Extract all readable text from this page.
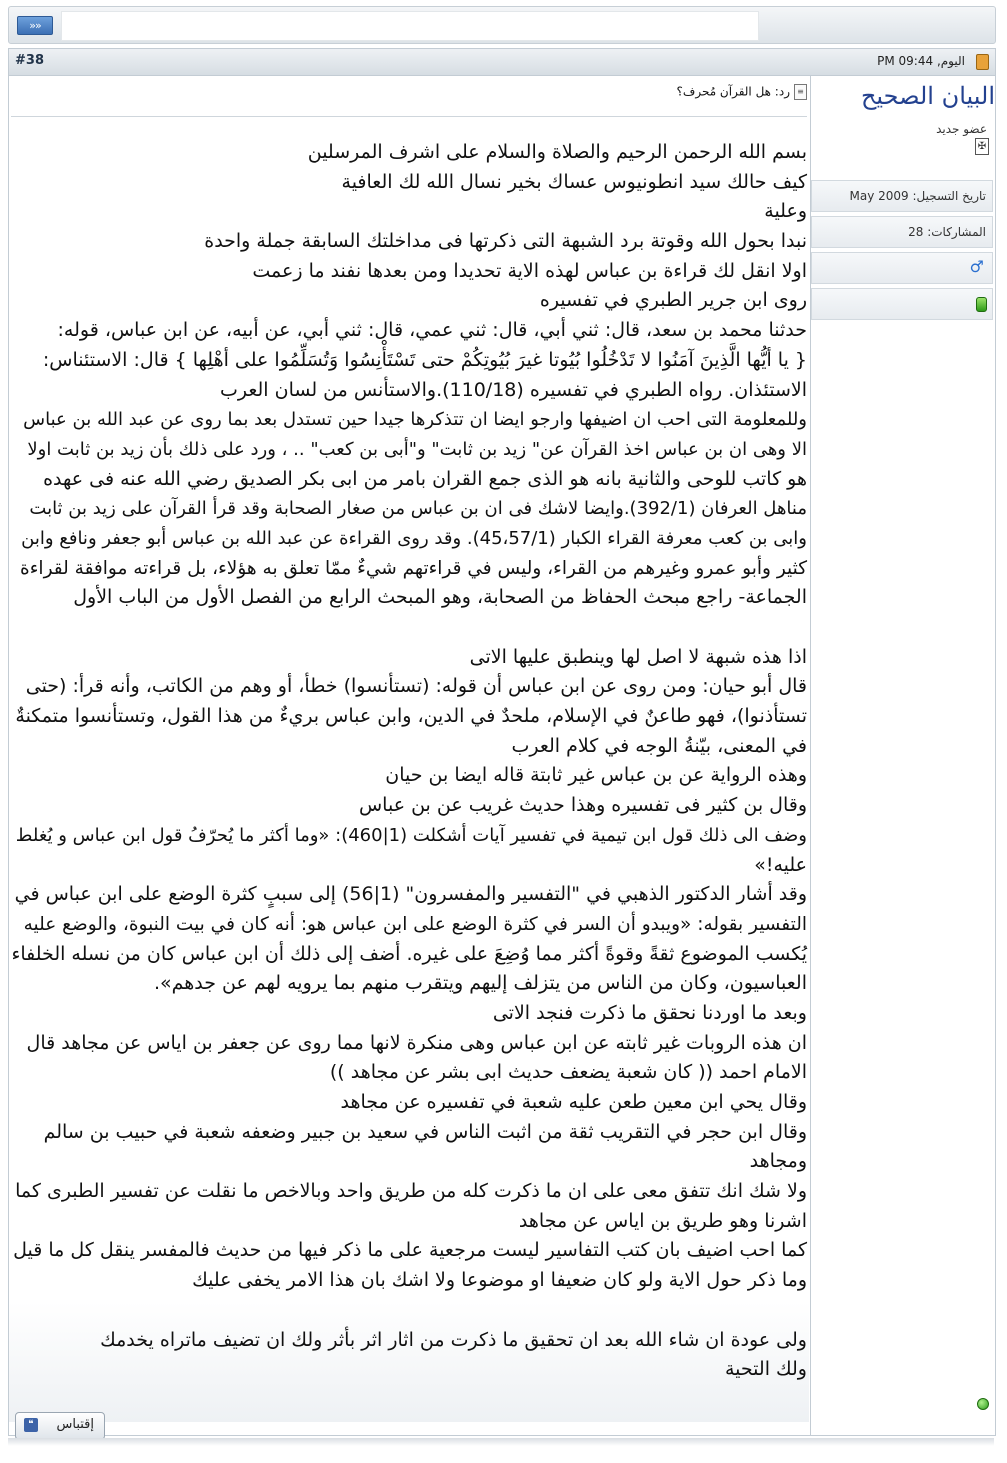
»»
#38	اليوم, 09:44 PM
البيان الصحيح
عضو جديد
✠
تاريخ التسجيل: May 2009
المشاركات: 28
♂
≡رد: هل القرآن مُحرف؟
بسم الله الرحمن الرحيم والصلاة والسلام على اشرف المرسلين
كيف حالك سيد انطونيوس عساك بخير نسال الله لك العافية
وعلية
نبدا بحول الله وقوتة برد الشبهة التى ذكرتها فى مداخلتك السابقة جملة واحدة
اولا انقل لك قراءة بن عباس لهذه الاية تحديدا ومن بعدها نفند ما زعمت
روى ابن جرير الطبري في تفسيره
حدثنا محمد بن سعد، قال: ثني أبي، قال: ثني عمي، قال: ثني أبي، عن أبيه، عن ابن عباس، قوله:
{ يا أيُّها الَّذِينَ آمَنُوا لا تَدْخُلُوا بُيُوتا غيرَ بُيُوتِكُمْ حتى تَسْتَأْنِسُوا وَتُسَلِّمُوا على أهْلِها } قال: الاستئناس:
الاستئذان. رواه الطبري في تفسيره (110/18).والاستأنس من لسان العرب
وللمعلومة التى احب ان اضيفها وارجو ايضا ان تتذكرها جيدا حين تستدل بعد بما روى عن عبد الله بن عباس
الا وهى ان بن عباس اخذ القرآن عن" زيد بن ثابت" و"أبى بن كعب" .. ، ورد على ذلك بأن زيد بن ثابت اولا
هو كاتب للوحى والثانية بانه هو الذى جمع القران بامر من ابى بكر الصديق رضي الله عنه فى عهده
مناهل العرفان (392/1).وايضا لاشك فى ان بن عباس من صغار الصحابة وقد قرأ القرآن على زيد بن ثابت
وابى بن كعب معرفة القراء الكبار (45،57/1). وقد روى القراءة عن عبد الله بن عباس أبو جعفر ونافع وابن
كثير وأبو عمرو وغيرهم من القراء، وليس في قراءتهم شيءٌ ممّا تعلق به هؤلاء، بل قراءته موافقة لقراءة
الجماعة- راجع مبحث الحفاظ من الصحابة، وهو المبحث الرابع من الفصل الأول من الباب الأول
اذا هذه شبهة لا اصل لها وينطبق عليها الاتى
قال أبو حيان: ومن روى عن ابن عباس أن قوله: (تستأنسوا) خطأ، أو وهم من الكاتب، وأنه قرأ: (حتى
تستأذنوا)، فهو طاعنٌ في الإسلام، ملحدٌ في الدين، وابن عباس بريءٌ من هذا القول، وتستأنسوا متمكنةٌ
في المعنى، بيّنةُ الوجه في كلام العرب
وهذه الرواية عن بن عباس غير ثابتة قاله ايضا بن حيان
وقال بن كثير فى تفسيره وهذا حديث غريب عن بن عباس
وضف الى ذلك قول ابن تيمية في تفسير آيات أشكلت (1|460): «وما أكثر ما يُحرّفُ قول ابن عباس و يُغلط
عليه!»
وقد أشار الدكتور الذهبي في "التفسير والمفسرون" (1|56) إلى سببٍ كثرة الوضع على ابن عباس في
التفسير بقوله: «ويبدو أن السر في كثرة الوضع على ابن عباس هو: أنه كان في بيت النبوة، والوضع عليه
يُكسب الموضوع ثقةً وقوةً أكثر مما وُضِعَ على غيره. أضف إلى ذلك أن ابن عباس كان من نسله الخلفاء
العباسيون، وكان من الناس من يتزلف إليهم ويتقرب منهم بما يرويه لهم عن جدهم».
وبعد ما اوردنا نحقق ما ذكرت فنجد الاتى
ان هذه الروبات غير ثابته عن ابن عباس وهى منكرة لانها مما روى عن جعفر بن اياس عن مجاهد قال
الامام احمد (( كان شعبة يضعف حديث ابى بشر عن مجاهد ))
وقال يحي ابن معين طعن عليه شعبة في تفسيره عن مجاهد
وقال ابن حجر في التقريب ثقة من اثبت الناس في سعيد بن جبير وضعفه شعبة في حبيب بن سالم
ومجاهد
ولا شك انك تتفق معى على ان ما ذكرت كله من طريق واحد وبالاخص ما نقلت عن تفسير الطبرى كما
اشرنا وهو طريق بن اياس عن مجاهد
كما احب اضيف بان كتب التفاسير ليست مرجعية على ما ذكر فيها من حديث فالمفسر ينقل كل ما قيل
وما ذكر حول الاية ولو كان ضعيفا او موضوعا ولا اشك بان هذا الامر يخفى عليك
ولى عودة ان شاء الله بعد ان تحقيق ما ذكرت من اثار اثر بأثر ولك ان تضيف ماتراه يخدمك
ولك التحية
إقتباس
❝
